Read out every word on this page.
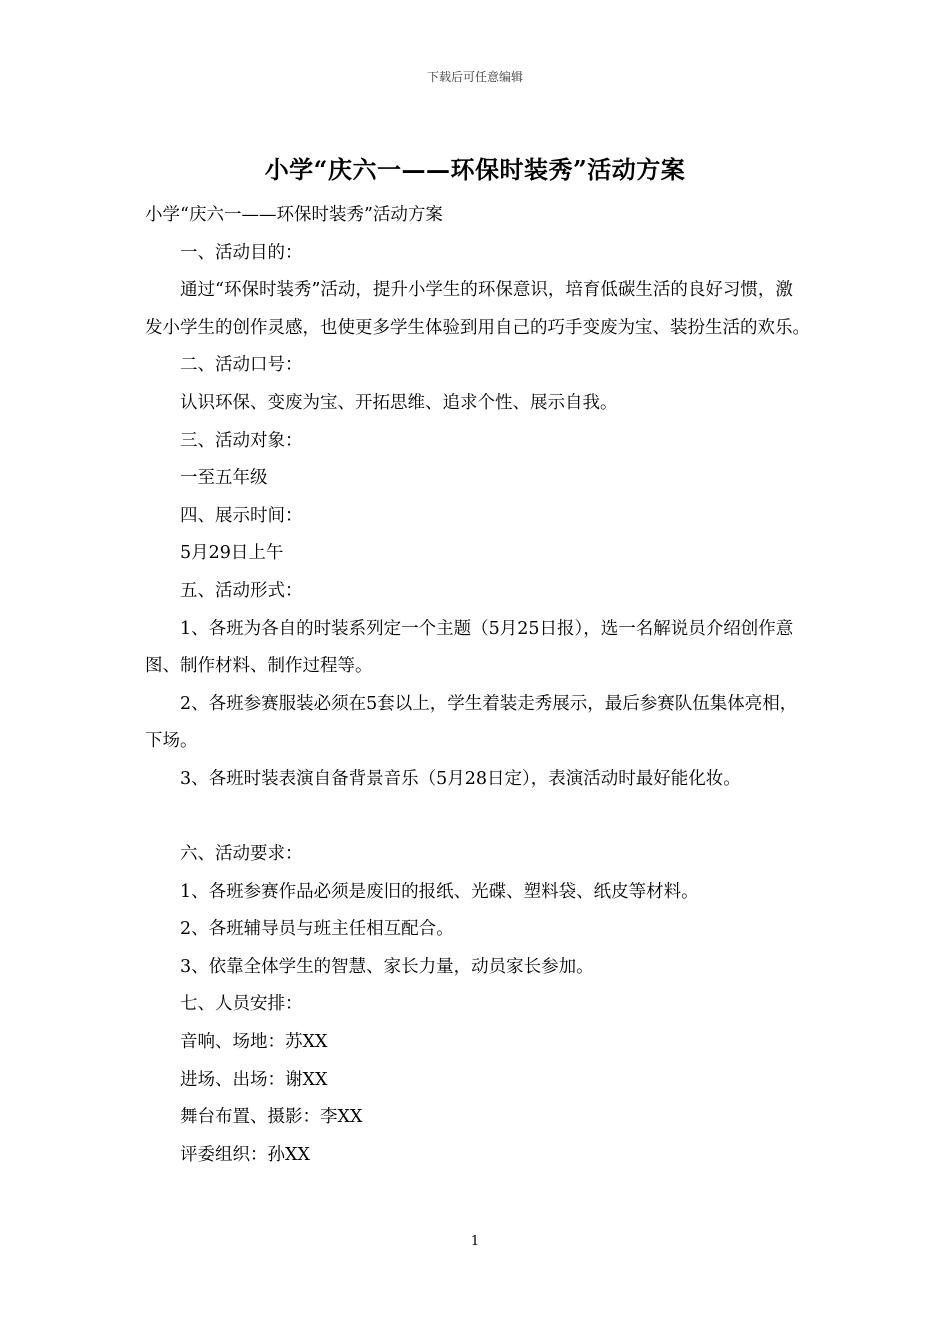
下载后可任意编辑
小学“庆六一——环保时装秀”活动方案

小学“庆六一——环保时装秀”活动方案

一、活动目的：

通过“环保时装秀”活动，提升小学生的环保意识，培育低碳生活的良好习惯，激发小学生的创作灵感，也使更多学生体验到用自己的巧手变废为宝、装扮生活的欢乐。

二、活动口号：

认识环保、变废为宝、开拓思维、追求个性、展示自我。

三、活动对象：

一至五年级

四、展示时间：

5月29日上午

五、活动形式：

1、各班为各自的时装系列定一个主题（5月25日报），选一名解说员介绍创作意图、制作材料、制作过程等。

2、各班参赛服装必须在5套以上，学生着装走秀展示，最后参赛队伍集体亮相，下场。

3、各班时装表演自备背景音乐（5月28日定），表演活动时最好能化妆。

六、活动要求：

1、各班参赛作品必须是废旧的报纸、光碟、塑料袋、纸皮等材料。

2、各班辅导员与班主任相互配合。

3、依靠全体学生的智慧、家长力量，动员家长参加。

七、人员安排：

音响、场地：苏XX

进场、出场：谢XX

舞台布置、摄影：李XX

评委组织：孙XX

1
